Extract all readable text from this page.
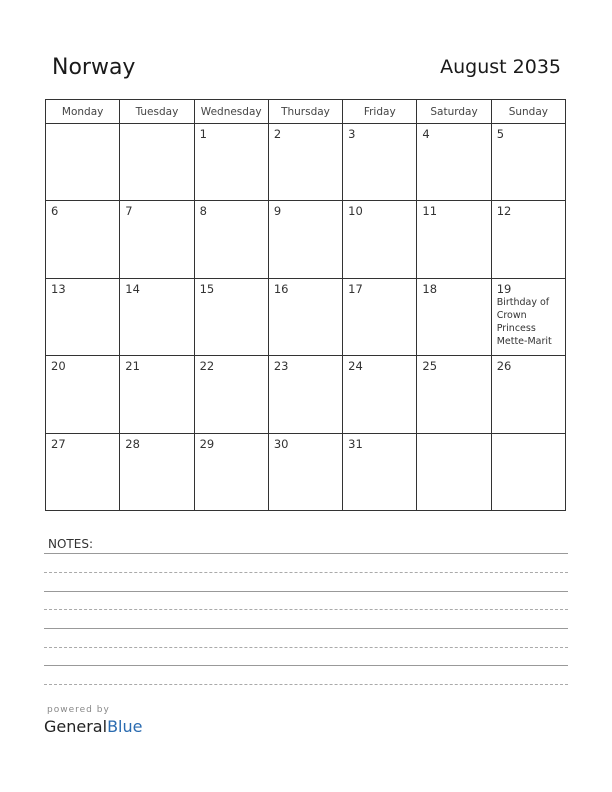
Norway	August 2035
Monday	Tuesday	Wednesday	Thursday	Friday	Saturday	Sunday

		1	2	3	4	5

6	7	8	9	10	11	12

13	14	15	16	17	18	19
Birthday of
Crown
Princess
Mette-Marit

20	21	22	23	24	25	26

27	28	29	30	31		

NOTES:
powered by
GeneralBlue
